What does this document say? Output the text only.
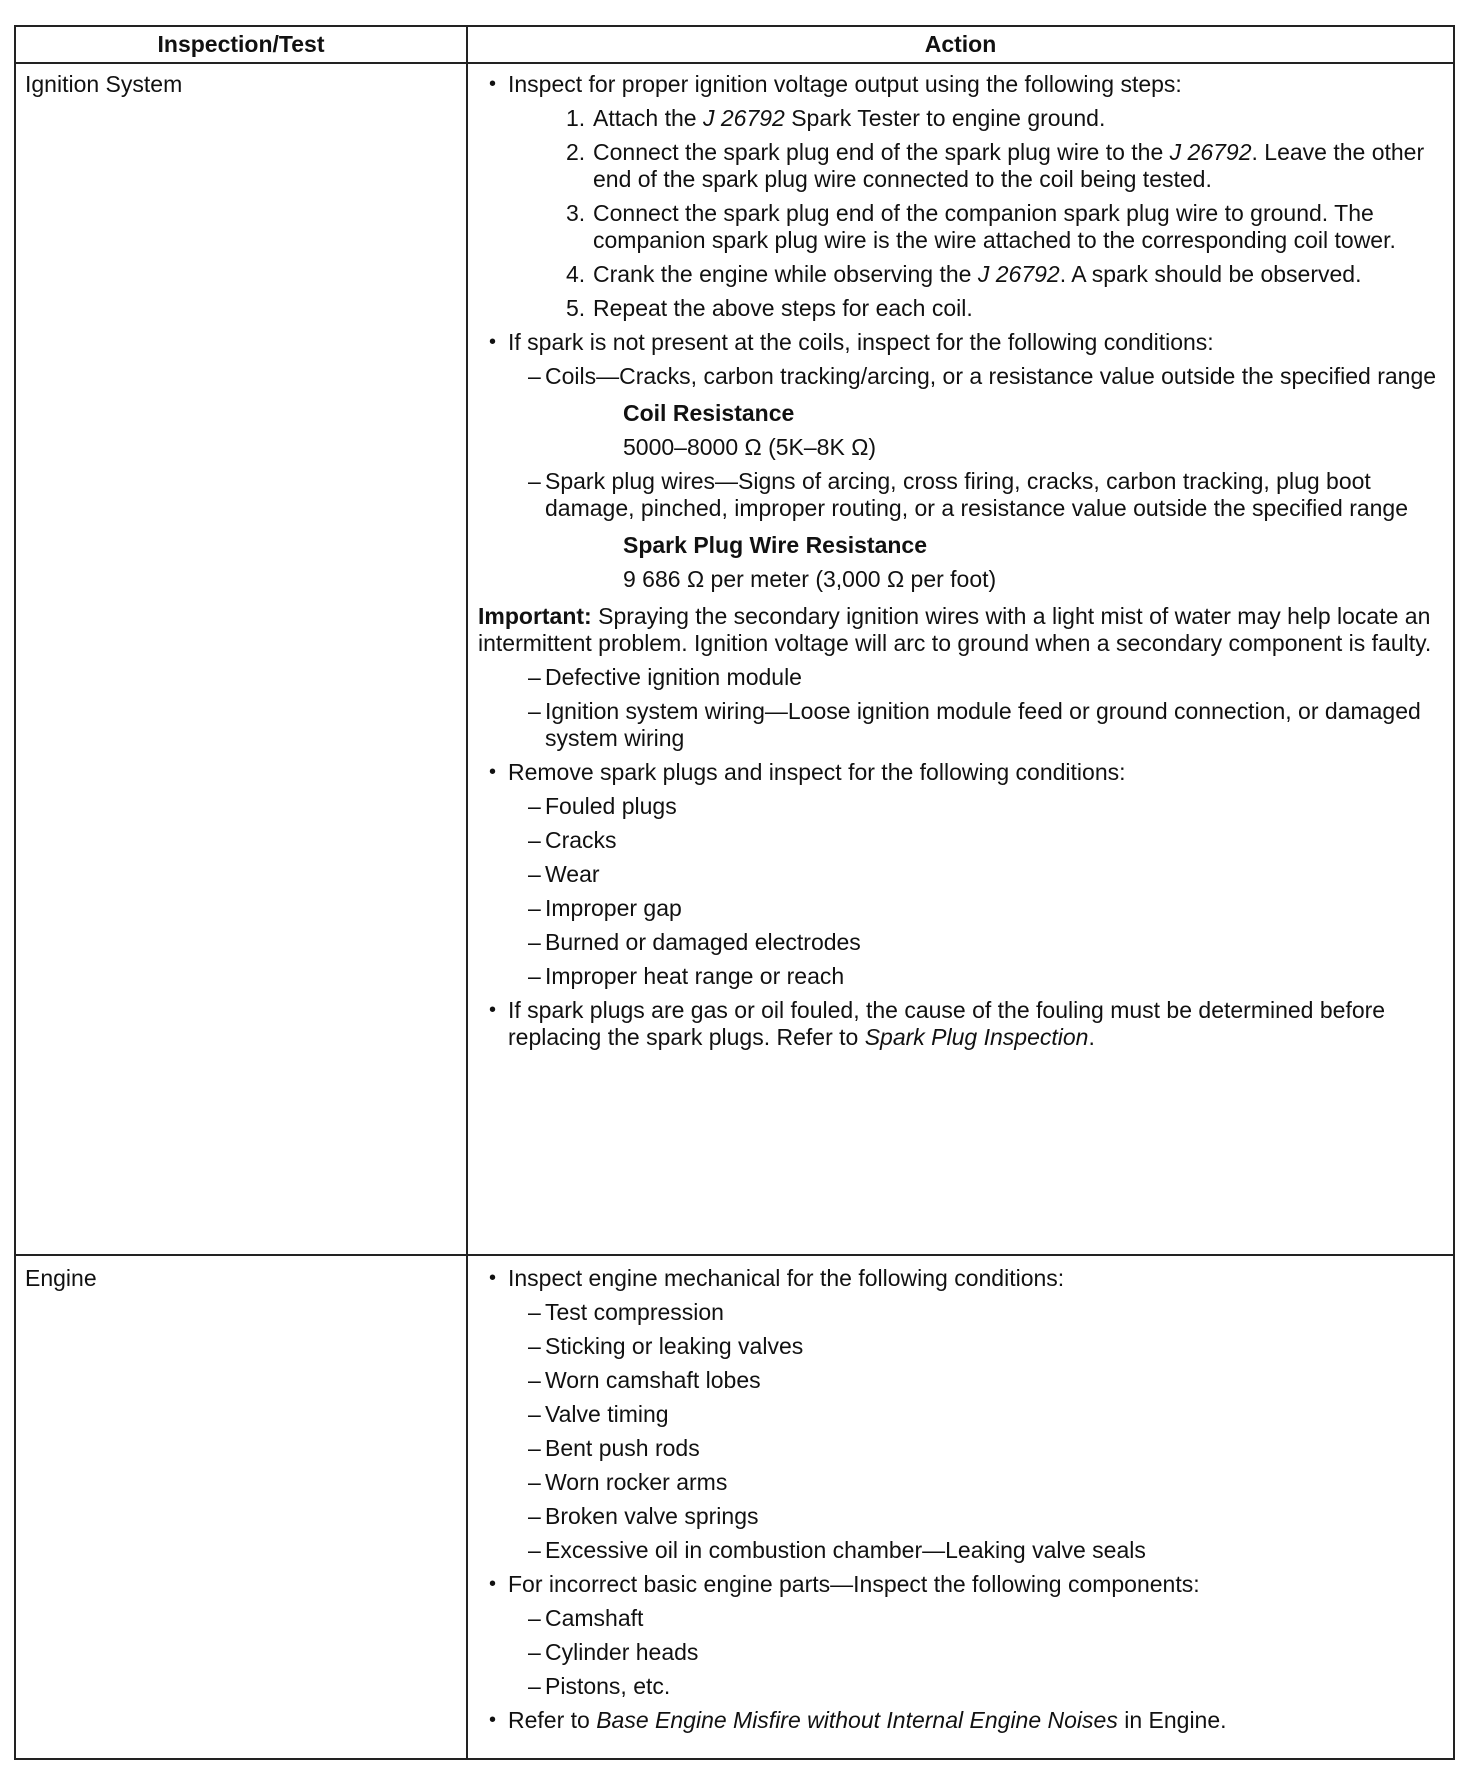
Inspection/Test	Action
Ignition System	• Inspect for proper ignition voltage output using the following steps:
1. Attach the J 26792 Spark Tester to engine ground.
2. Connect the spark plug end of the spark plug wire to the J 26792. Leave the other end of the spark plug wire connected to the coil being tested.
3. Connect the spark plug end of the companion spark plug wire to ground. The companion spark plug wire is the wire attached to the corresponding coil tower.
4. Crank the engine while observing the J 26792. A spark should be observed.
5. Repeat the above steps for each coil.
• If spark is not present at the coils, inspect for the following conditions:
– Coils—Cracks, carbon tracking/arcing, or a resistance value outside the specified range
Coil Resistance
5000–8000 Ω (5K–8K Ω)
– Spark plug wires—Signs of arcing, cross firing, cracks, carbon tracking, plug boot damage, pinched, improper routing, or a resistance value outside the specified range
Spark Plug Wire Resistance
9 686 Ω per meter (3,000 Ω per foot)
Important: Spraying the secondary ignition wires with a light mist of water may help locate an intermittent problem. Ignition voltage will arc to ground when a secondary component is faulty.
– Defective ignition module
– Ignition system wiring—Loose ignition module feed or ground connection, or damaged system wiring
• Remove spark plugs and inspect for the following conditions:
– Fouled plugs
– Cracks
– Wear
– Improper gap
– Burned or damaged electrodes
– Improper heat range or reach
• If spark plugs are gas or oil fouled, the cause of the fouling must be determined before replacing the spark plugs. Refer to Spark Plug Inspection.
Engine	• Inspect engine mechanical for the following conditions:
– Test compression
– Sticking or leaking valves
– Worn camshaft lobes
– Valve timing
– Bent push rods
– Worn rocker arms
– Broken valve springs
– Excessive oil in combustion chamber—Leaking valve seals
• For incorrect basic engine parts—Inspect the following components:
– Camshaft
– Cylinder heads
– Pistons, etc.
• Refer to Base Engine Misfire without Internal Engine Noises in Engine.
